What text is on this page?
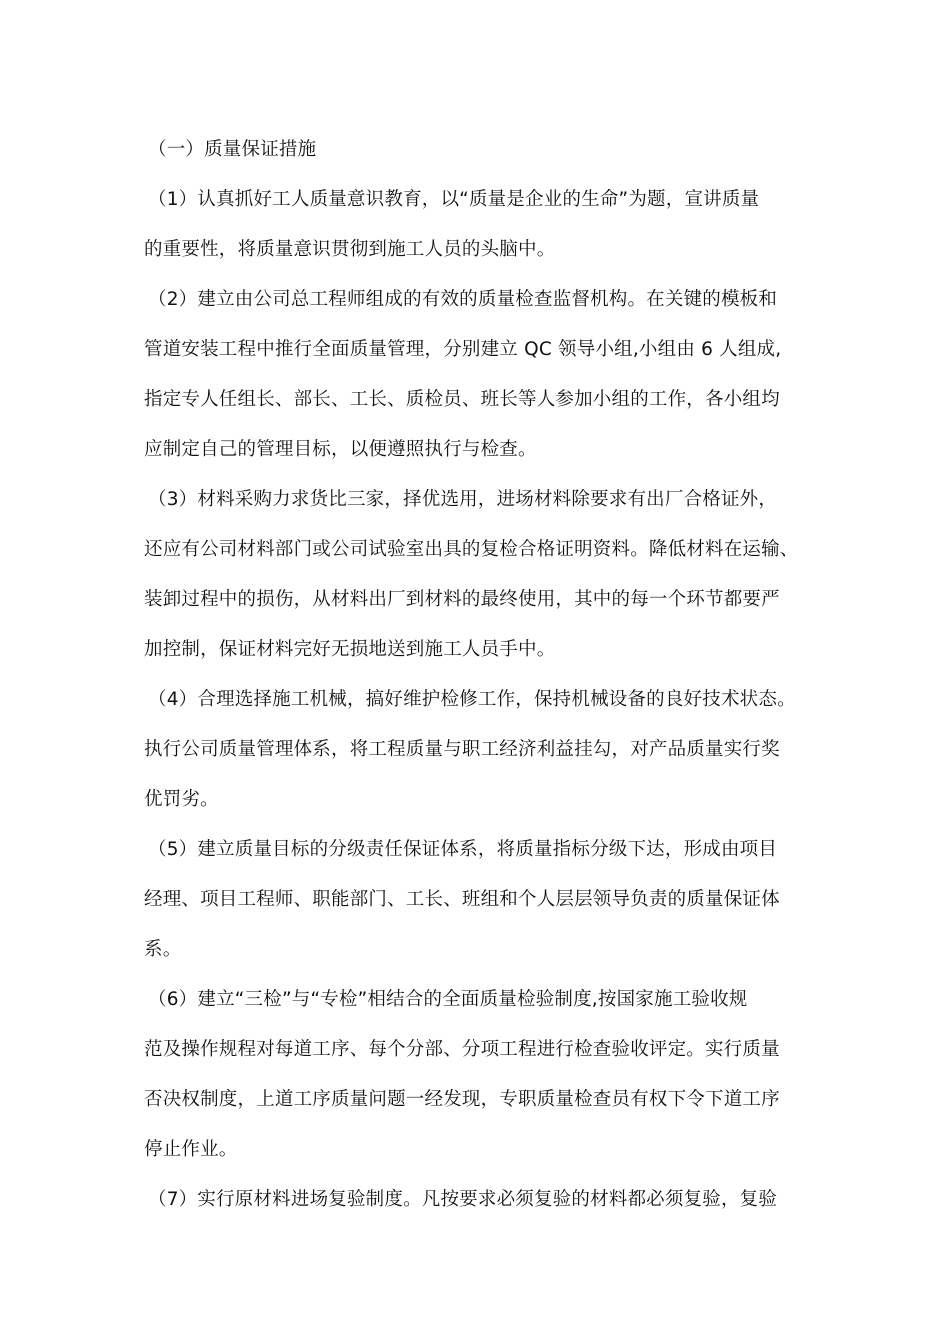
（一）质量保证措施
（1）认真抓好工人质量意识教育，以“质量是企业的生命”为题，宣讲质量
的重要性，将质量意识贯彻到施工人员的头脑中。
（2）建立由公司总工程师组成的有效的质量检查监督机构。在关键的模板和
管道安装工程中推行全面质量管理，分别建立 QC 领导小组,小组由 6 人组成,
指定专人任组长、部长、工长、质检员、班长等人参加小组的工作，各小组均
应制定自己的管理目标，以便遵照执行与检查。
（3）材料采购力求货比三家，择优选用，进场材料除要求有出厂合格证外，
还应有公司材料部门或公司试验室出具的复检合格证明资料。降低材料在运输、
装卸过程中的损伤，从材料出厂到材料的最终使用，其中的每一个环节都要严
加控制，保证材料完好无损地送到施工人员手中。
（4）合理选择施工机械，搞好维护检修工作，保持机械设备的良好技术状态。
执行公司质量管理体系，将工程质量与职工经济利益挂勾，对产品质量实行奖
优罚劣。
（5）建立质量目标的分级责任保证体系，将质量指标分级下达，形成由项目
经理、项目工程师、职能部门、工长、班组和个人层层领导负责的质量保证体
系。
（6）建立“三检”与“专检”相结合的全面质量检验制度,按国家施工验收规
范及操作规程对每道工序、每个分部、分项工程进行检查验收评定。实行质量
否决权制度，上道工序质量问题一经发现，专职质量检查员有权下令下道工序
停止作业。
（7）实行原材料进场复验制度。凡按要求必须复验的材料都必须复验，复验
